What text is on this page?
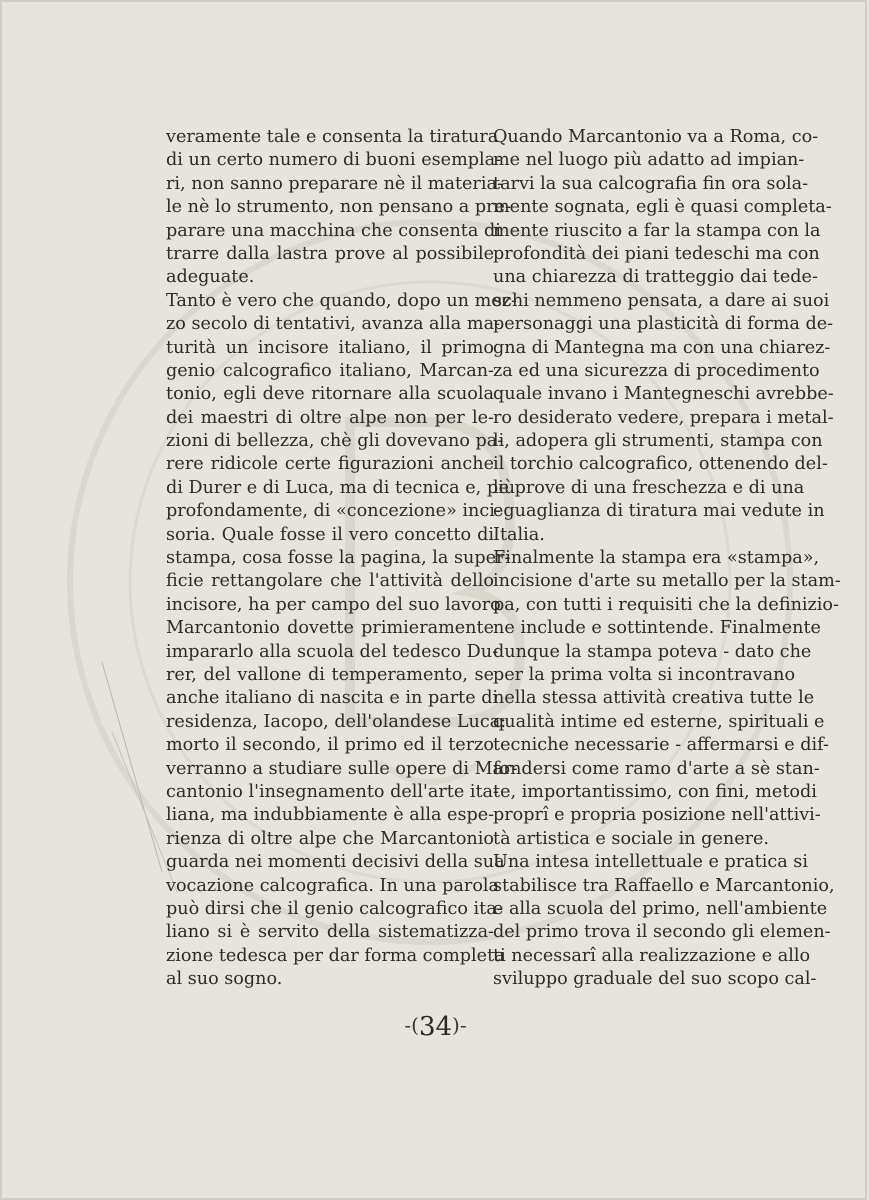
veramente tale e consenta la tiratura
di un certo numero di buoni esempla-
ri, non sanno preparare nè il materia-
le nè lo strumento, non pensano a pre-
parare una macchina che consenta di
trarre dalla lastra prove al possibile
adeguate.
Tanto è vero che quando, dopo un mez-
zo secolo di tentativi, avanza alla ma-
turità un incisore italiano, il primo
genio calcografico italiano, Marcan-
tonio, egli deve ritornare alla scuola
dei maestri di oltre alpe non per le-
zioni di bellezza, chè gli dovevano pa-
rere ridicole certe figurazioni anche
di Durer e di Luca, ma di tecnica e, più
profondamente, di «concezione» inci-
soria. Quale fosse il vero concetto di
stampa, cosa fosse la pagina, la super-
ficie rettangolare che l'attività dello
incisore, ha per campo del suo lavoro
Marcantonio dovette primieramente
impararlo alla scuola del tedesco Du-
rer, del vallone di temperamento, se
anche italiano di nascita e in parte di
residenza, Iacopo, dell'olandese Luca:
morto il secondo, il primo ed il terzo
verranno a studiare sulle opere di Mar-
cantonio l'insegnamento dell'arte ita-
liana, ma indubbiamente è alla espe-
rienza di oltre alpe che Marcantonio
guarda nei momenti decisivi della sua
vocazione calcografica. In una parola
può dirsi che il genio calcografico ita-
liano si è servito della sistematizza-
zione tedesca per dar forma completa
al suo sogno.
Quando Marcantonio va a Roma, co-
me nel luogo più adatto ad impian-
tarvi la sua calcografia fin ora sola-
mente sognata, egli è quasi completa-
mente riuscito a far la stampa con la
profondità dei piani tedeschi ma con
una chiarezza di tratteggio dai tede-
schi nemmeno pensata, a dare ai suoi
personaggi una plasticità di forma de-
gna di Mantegna ma con una chiarez-
za ed una sicurezza di procedimento
quale invano i Mantegneschi avrebbe-
ro desiderato vedere, prepara i metal-
li, adopera gli strumenti, stampa con
il torchio calcografico, ottenendo del-
le prove di una freschezza e di una
eguaglianza di tiratura mai vedute in
Italia.
Finalmente la stampa era «stampa»,
incisione d'arte su metallo per la stam-
pa, con tutti i requisiti che la definizio-
ne include e sottintende. Finalmente
dunque la stampa poteva - dato che
per la prima volta si incontravano
nella stessa attività creativa tutte le
qualità intime ed esterne, spirituali e
tecniche necessarie - affermarsi e dif-
fondersi come ramo d'arte a sè stan-
te, importantissimo, con fini, metodi
proprî e propria posizione nell'attivi-
tà artistica e sociale in genere.
Una intesa intellettuale e pratica si
stabilisce tra Raffaello e Marcantonio,
e alla scuola del primo, nell'ambiente
del primo trova il secondo gli elemen-
ti necessarî alla realizzazione e allo
sviluppo graduale del suo scopo cal-
-(34)-
